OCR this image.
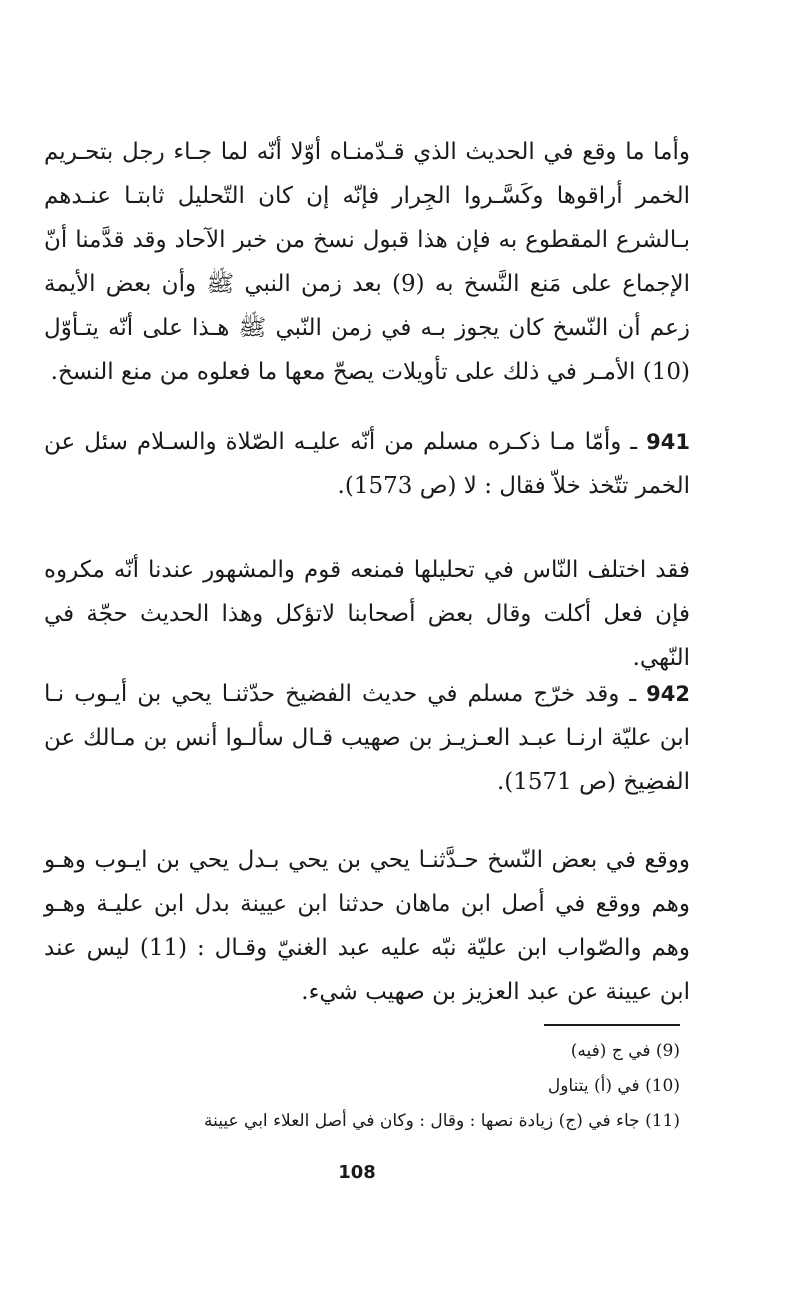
وأما ما وقع في الحديث الذي قـدّمنـاه أوّلا أنّه لما جـاء رجل بتحـريم الخمر أراقوها وكَسَّـروا الجِرار فإنّه إن كان التّحليل ثابتـا عنـدهم بـالشرع المقطوع به فإن هذا قبول نسخ من خبر الآحاد وقد قدَّمنا أنّ الإجماع على مَنع النَّسخ به (9) بعد زمن النبي ﷺ وأن بعض الأيمة زعم أن النّسخ كان يجوز بـه في زمن النّبي ﷺ هـذا على أنّه يتـأوّل (10) الأمـر في ذلك على تأويلات يصحّ معها ما فعلوه من منع النسخ.

941 ـ وأمّا مـا ذكـره مسلم من أنّه عليـه الصّلاة والسـلام سئل عن الخمر تتّخذ خلاّ فقال : لا (ص 1573).

فقد اختلف النّاس في تحليلها فمنعه قوم والمشهور عندنا أنّه مكروه فإن فعل أكلت وقال بعض أصحابنا لاتؤكل وهذا الحديث حجّة في النّهي.

942 ـ وقد خرّج مسلم في حديث الفضيخ حدّثنـا يحي بن أيـوب نـا ابن عليّة ارنـا عبـد العـزيـز بن صهيب قـال سألـوا أنس بن مـالك عن الفضِيخ (ص 1571).

ووقع في بعض النّسخ حـدَّثنـا يحي بن يحي بـدل يحي بن ايـوب وهـو وهم ووقع في أصل ابن ماهان حدثنا ابن عيينة بدل ابن عليـة وهـو وهم والصّواب ابن عليّة نبّه عليه عبد الغنيّ وقـال : (11) ليس عند ابن عيينة عن عبد العزيز بن صهيب شيء.

(9) في ج (فيه)
(10) في (أ) يتناول
(11) جاء في (ج) زيادة نصها : وقال : وكان في أصل العلاء ابي عيينة
108
